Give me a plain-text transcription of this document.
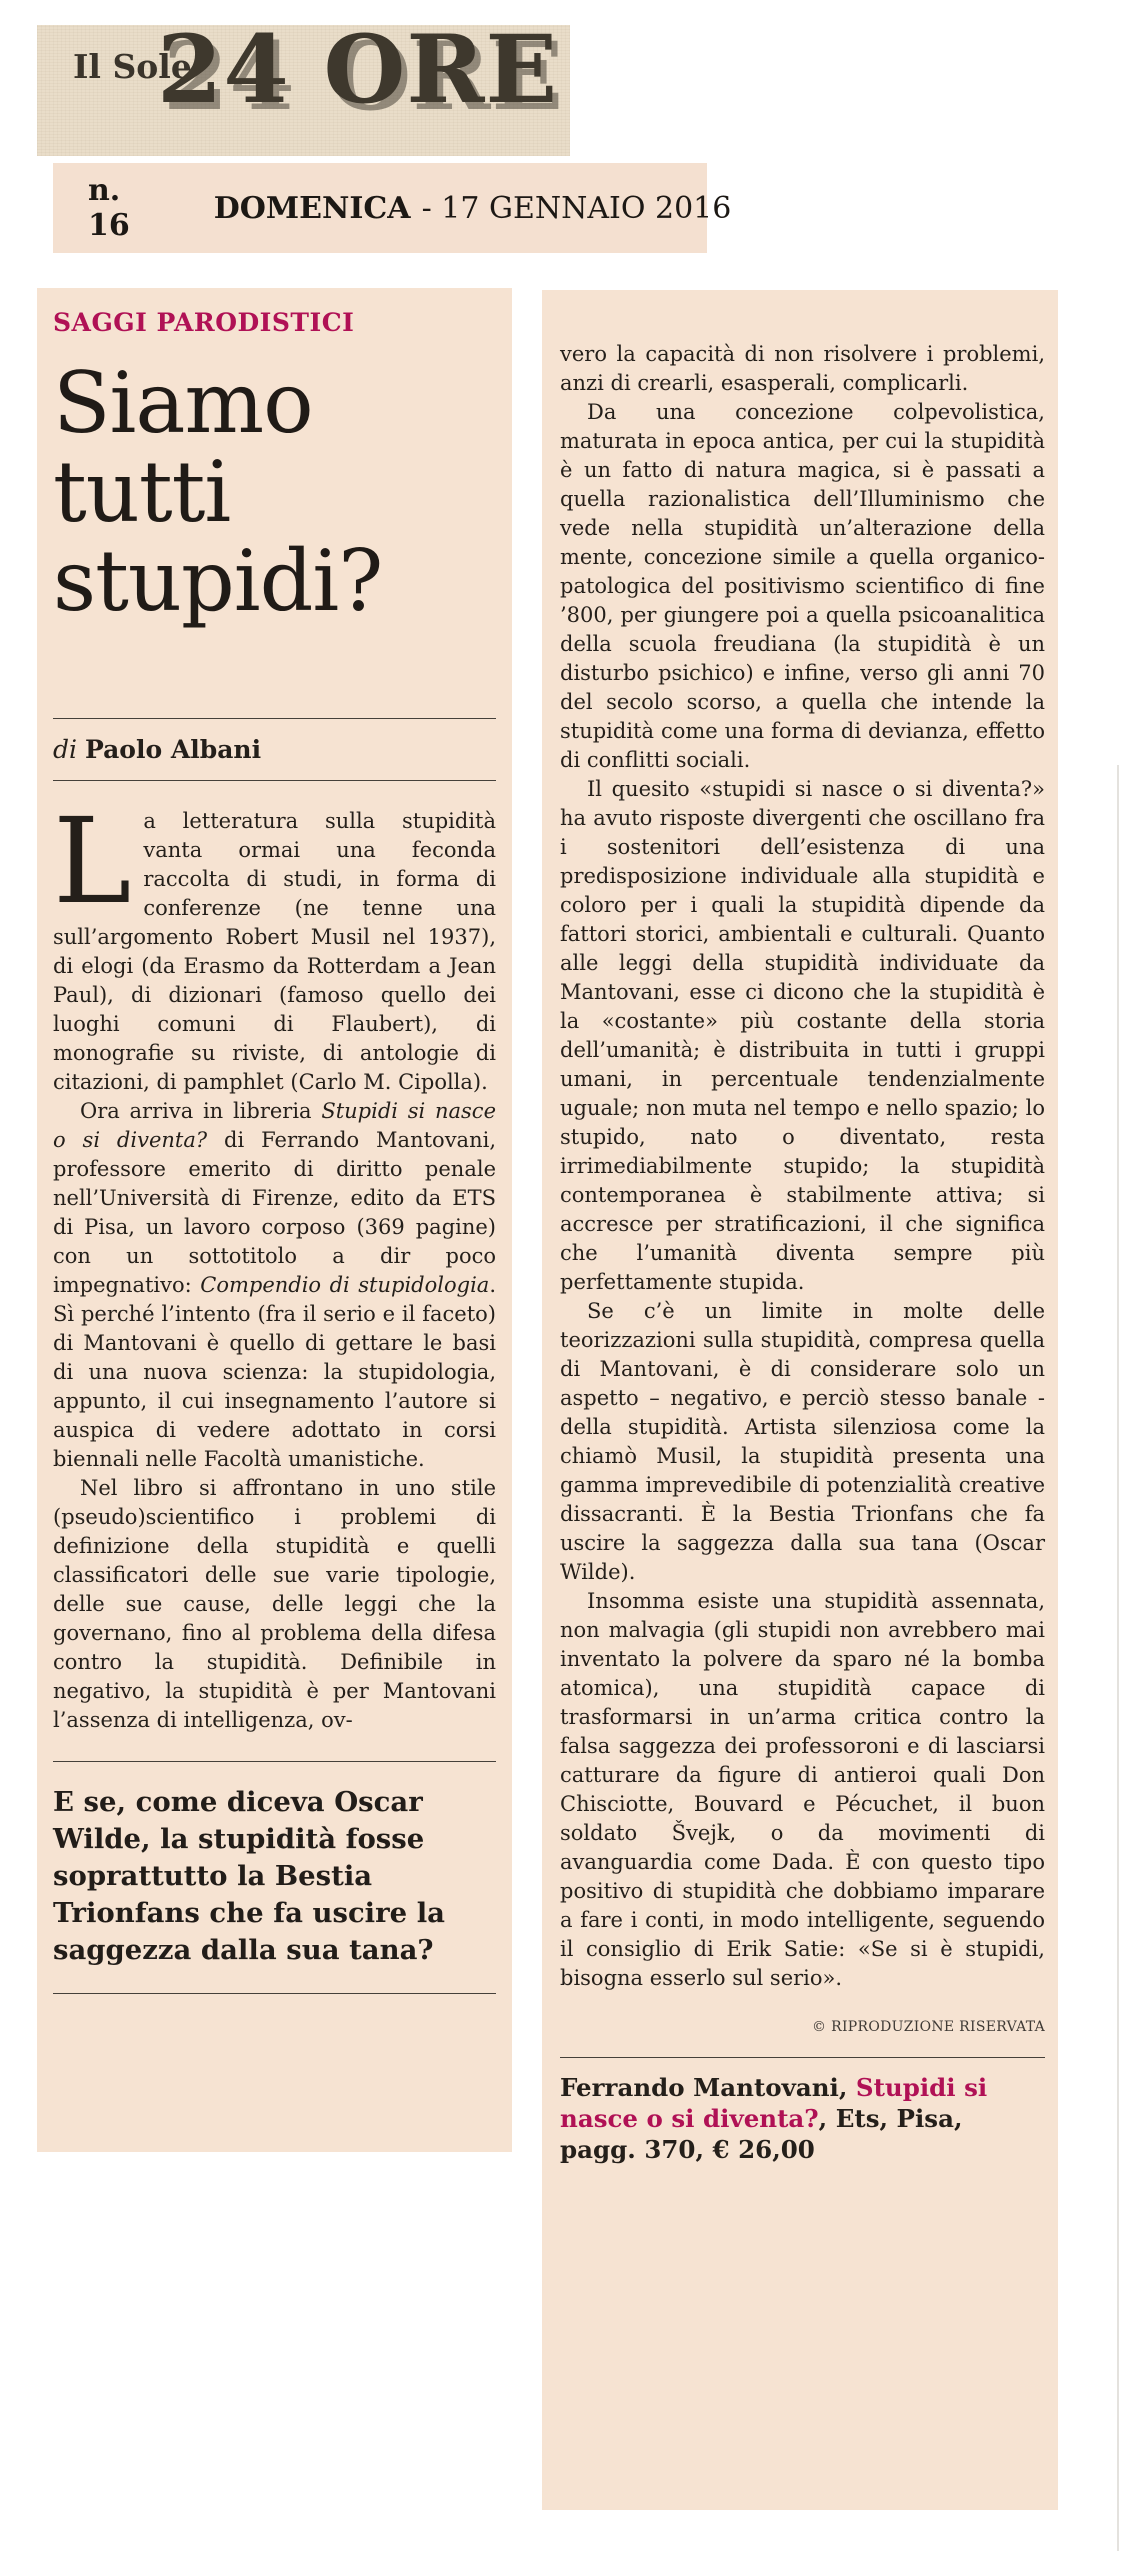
Il Sole
24 ORE
n. 16	DOMENICA - 17 GENNAIO 2016
SAGGI PARODISTICI
Siamo tutti stupidi?
di Paolo Albani

La letteratura sulla stupidità vanta ormai una feconda raccolta di studi, in forma di conferenze (ne tenne una sull’argomento Robert Musil nel 1937), di elogi (da Erasmo da Rotterdam a Jean Paul), di dizionari (famoso quello dei luoghi comuni di Flaubert), di monografie su riviste, di antologie di citazioni, di pamphlet (Carlo M. Cipolla).

Ora arriva in libreria Stupidi si nasce o si diventa? di Ferrando Mantovani, professore emerito di diritto penale nell’Università di Firenze, edito da ETS di Pisa, un lavoro corposo (369 pagine) con un sottotitolo a dir poco impegnativo: Compendio di stupidologia. Sì perché l’intento (fra il serio e il faceto) di Mantovani è quello di gettare le basi di una nuova scienza: la stupidologia, appunto, il cui insegnamento l’autore si auspica di vedere adottato in corsi biennali nelle Facoltà umanistiche.

Nel libro si affrontano in uno stile (pseudo)scientifico i problemi di definizione della stupidità e quelli classificatori delle sue varie tipologie, delle sue cause, delle leggi che la governano, fino al problema della difesa contro la stupidità. Definibile in negativo, la stupidità è per Mantovani l’assenza di intelligenza, ov-

E se, come diceva Oscar Wilde, la stupidità fosse soprattutto la Bestia Trionfans che fa uscire la saggezza dalla sua tana?

vero la capacità di non risolvere i problemi, anzi di crearli, esasperali, complicarli.

Da una concezione colpevolistica, maturata in epoca antica, per cui la stupidità è un fatto di natura magica, si è passati a quella razionalistica dell’Illuminismo che vede nella stupidità un’alterazione della mente, concezione simile a quella organico-patologica del positivismo scientifico di fine ’800, per giungere poi a quella psicoanalitica della scuola freudiana (la stupidità è un disturbo psichico) e infine, verso gli anni 70 del secolo scorso, a quella che intende la stupidità come una forma di devianza, effetto di conflitti sociali.

Il quesito «stupidi si nasce o si diventa?» ha avuto risposte divergenti che oscillano fra i sostenitori dell’esistenza di una predisposizione individuale alla stupidità e coloro per i quali la stupidità dipende da fattori storici, ambientali e culturali. Quanto alle leggi della stupidità individuate da Mantovani, esse ci dicono che la stupidità è la «costante» più costante della storia dell’umanità; è distribuita in tutti i gruppi umani, in percentuale tendenzialmente uguale; non muta nel tempo e nello spazio; lo stupido, nato o diventato, resta irrimediabilmente stupido; la stupidità contemporanea è stabilmente attiva; si accresce per stratificazioni, il che significa che l’umanità diventa sempre più perfettamente stupida.

Se c’è un limite in molte delle teorizzazioni sulla stupidità, compresa quella di Mantovani, è di considerare solo un aspetto – negativo, e perciò stesso banale - della stupidità. Artista silenziosa come la chiamò Musil, la stupidità presenta una gamma imprevedibile di potenzialità creative dissacranti. È la Bestia Trionfans che fa uscire la saggezza dalla sua tana (Oscar Wilde).

Insomma esiste una stupidità assennata, non malvagia (gli stupidi non avrebbero mai inventato la polvere da sparo né la bomba atomica), una stupidità capace di trasformarsi in un’arma critica contro la falsa saggezza dei professoroni e di lasciarsi catturare da figure di antieroi quali Don Chisciotte, Bouvard e Pécuchet, il buon soldato Švejk, o da movimenti di avanguardia come Dada. È con questo tipo positivo di stupidità che dobbiamo imparare a fare i conti, in modo intelligente, seguendo il consiglio di Erik Satie: «Se si è stupidi, bisogna esserlo sul serio».

© RIPRODUZIONE RISERVATA
Ferrando Mantovani, Stupidi si nasce o si diventa?, Ets, Pisa, pagg. 370, € 26,00
